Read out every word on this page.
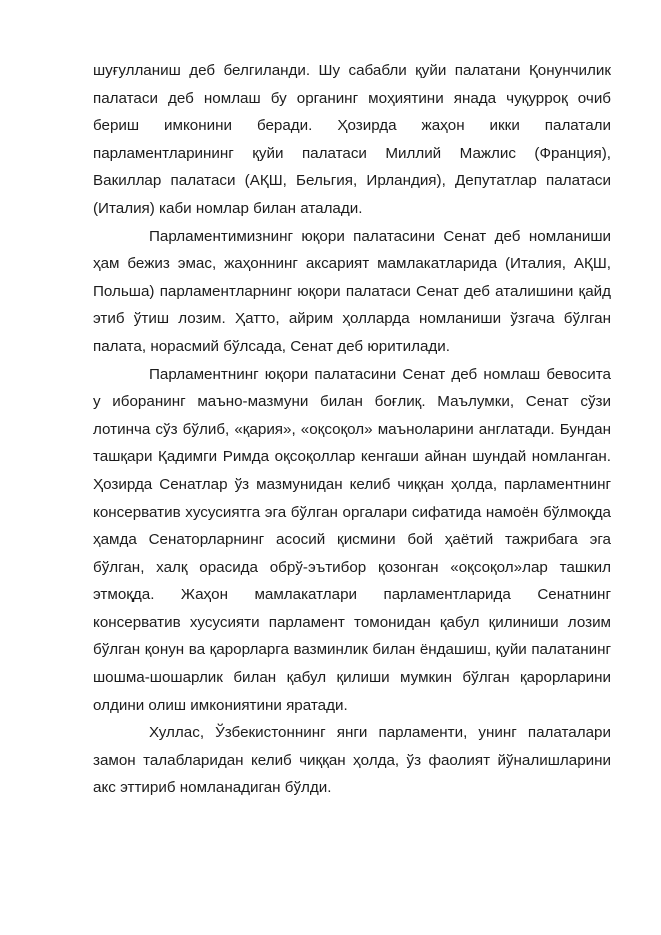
шуғулланиш деб белгиланди. Шу сабабли қуйи палатани Қонунчилик палатаси деб номлаш бу органинг моҳиятини янада чуқурроқ очиб бериш имконини беради. Ҳозирда жаҳон икки палатали парламентларининг қуйи палатаси Миллий Мажлис (Франция), Вакиллар палатаси (АҚШ, Бельгия, Ирландия), Депутатлар палатаси (Италия) каби номлар билан аталади.

Парламентимизнинг юқори палатасини Сенат деб номланиши ҳам бежиз эмас, жаҳоннинг аксарият мамлакатларида (Италия, АҚШ, Польша) парламентларнинг юқори палатаси Сенат деб аталишини қайд этиб ўтиш лозим. Ҳатто, айрим ҳолларда номланиши ўзгача бўлган палата, норасмий бўлсада, Сенат деб юритилади.

Парламентнинг юқори палатасини Сенат деб номлаш бевосита у иборанинг маъно-мазмуни билан боғлиқ. Маълумки, Сенат сўзи лотинча сўз бўлиб, «қария», «оқсоқол» маъноларини англатади. Бундан ташқари Қадимги Римда оқсоқоллар кенгаши айнан шундай номланган. Ҳозирда Сенатлар ўз мазмунидан келиб чиққан ҳолда, парламентнинг консерватив хусусиятга эга бўлган оргалари сифатида намоён бўлмоқда ҳамда Сенаторларнинг асосий қисмини бой ҳаётий тажрибага эга бўлган, халқ орасида обрў-эътибор қозонган «оқсоқол»лар ташкил этмоқда. Жаҳон мамлакатлари парламентларида Сенатнинг консерватив хусусияти парламент томонидан қабул қилиниши лозим бўлган қонун ва қарорларга вазминлик билан ёндашиш, қуйи палатанинг шошма-шошарлик билан қабул қилиши мумкин бўлган қарорларини олдини олиш имкониятини яратади.

Хуллас, Ўзбекистоннинг янги парламенти, унинг палаталари замон талабларидан келиб чиққан ҳолда, ўз фаолият йўналишларини акс эттириб номланадиган бўлди.
